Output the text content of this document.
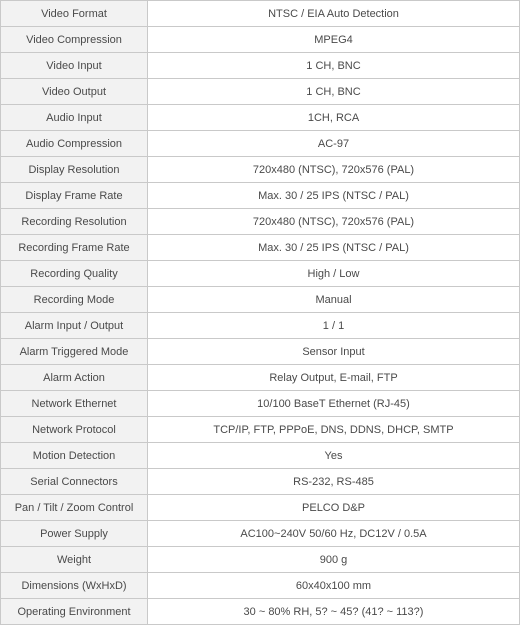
Video Format	NTSC / EIA Auto Detection
Video Compression	MPEG4
Video Input	1 CH, BNC
Video Output	1 CH, BNC
Audio Input	1CH, RCA
Audio Compression	AC-97
Display Resolution	720x480 (NTSC), 720x576 (PAL)
Display Frame Rate	Max. 30 / 25 IPS (NTSC / PAL)
Recording Resolution	720x480 (NTSC), 720x576 (PAL)
Recording Frame Rate	Max. 30 / 25 IPS (NTSC / PAL)
Recording Quality	High / Low
Recording Mode	Manual
Alarm Input / Output	1 / 1
Alarm Triggered Mode	Sensor Input
Alarm Action	Relay Output, E-mail, FTP
Network Ethernet	10/100 BaseT Ethernet (RJ-45)
Network Protocol	TCP/IP, FTP, PPPoE, DNS, DDNS, DHCP, SMTP
Motion Detection	Yes
Serial Connectors	RS-232, RS-485
Pan / Tilt / Zoom Control	PELCO D&P
Power Supply	AC100~240V 50/60 Hz, DC12V / 0.5A
Weight	900 g
Dimensions (WxHxD)	60x40x100 mm
Operating Environment	30 ~ 80% RH, 5? ~ 45? (41? ~ 113?)
